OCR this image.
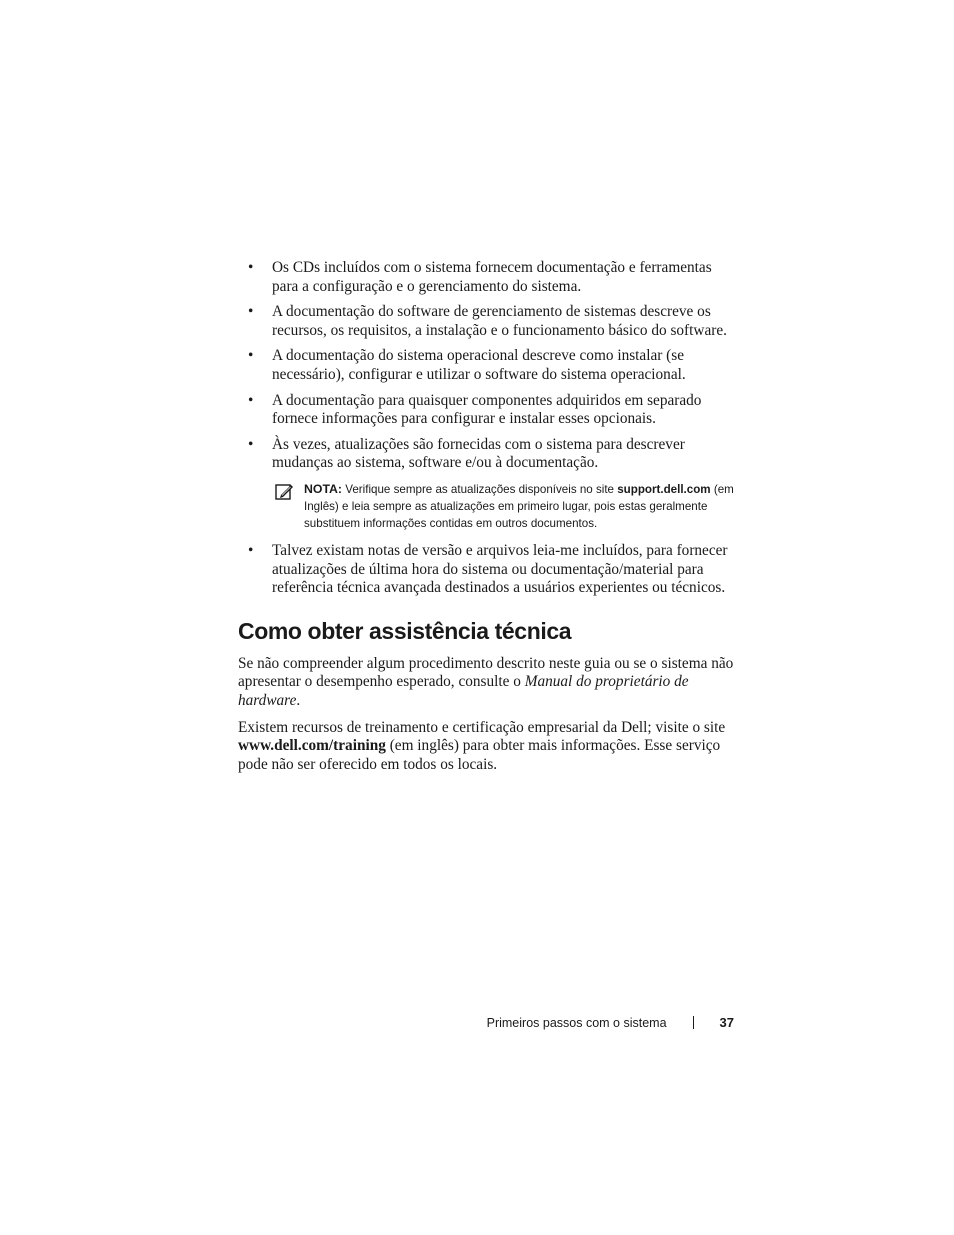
• Os CDs incluídos com o sistema fornecem documentação e ferramentas para a configuração e o gerenciamento do sistema.
• A documentação do software de gerenciamento de sistemas descreve os recursos, os requisitos, a instalação e o funcionamento básico do software.
• A documentação do sistema operacional descreve como instalar (se necessário), configurar e utilizar o software do sistema operacional.
• A documentação para quaisquer componentes adquiridos em separado fornece informações para configurar e instalar esses opcionais.
• Às vezes, atualizações são fornecidas com o sistema para descrever mudanças ao sistema, software e/ou à documentação.
NOTA: Verifique sempre as atualizações disponíveis no site support.dell.com (em Inglês) e leia sempre as atualizações em primeiro lugar, pois estas geralmente substituem informações contidas em outros documentos.
• Talvez existam notas de versão e arquivos leia-me incluídos, para fornecer atualizações de última hora do sistema ou documentação/material para referência técnica avançada destinados a usuários experientes ou técnicos.
Como obter assistência técnica

Se não compreender algum procedimento descrito neste guia ou se o sistema não apresentar o desempenho esperado, consulte o Manual do proprietário de hardware.

Existem recursos de treinamento e certificação empresarial da Dell; visite o site www.dell.com/training (em inglês) para obter mais informações. Esse serviço pode não ser oferecido em todos os locais.

Primeiros passos com o sistema	37
